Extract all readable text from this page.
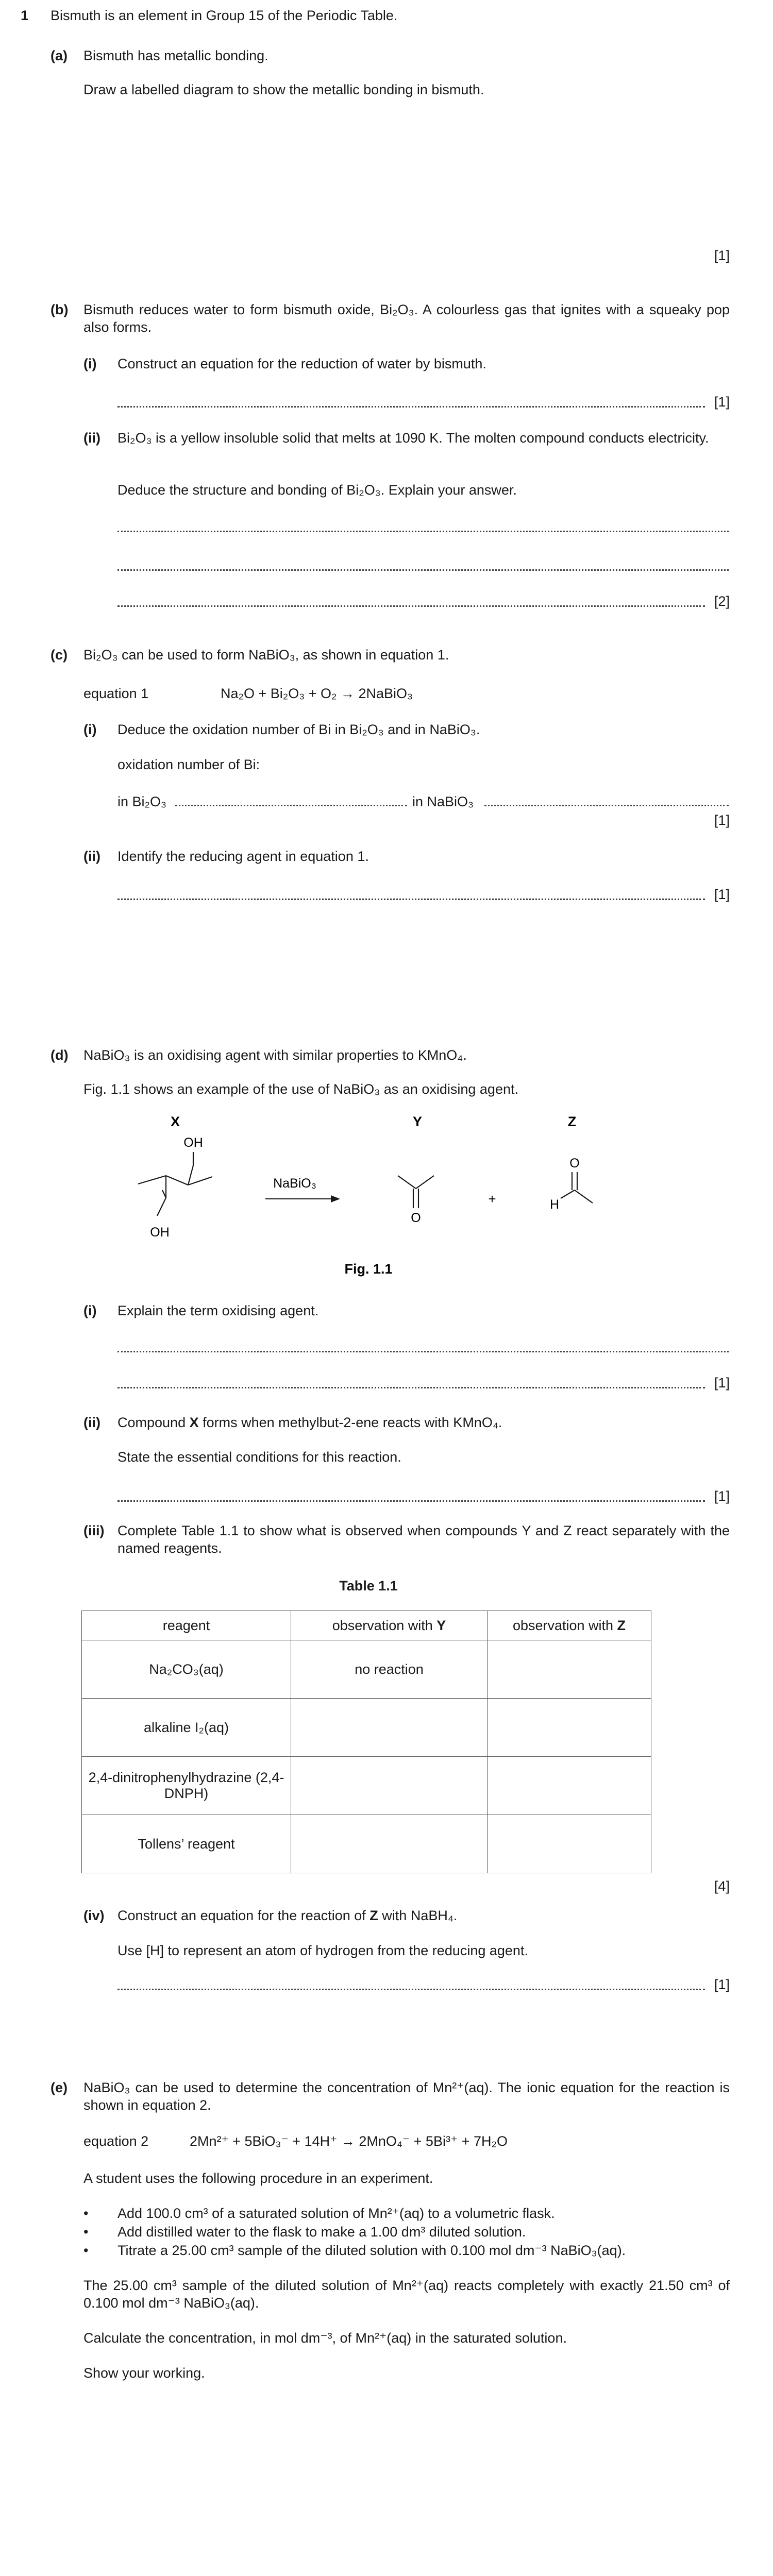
1 Bismuth is an element in Group 15 of the Periodic Table.
(a) Bismuth has metallic bonding.
Draw a labelled diagram to show the metallic bonding in bismuth.
[1]
(b) Bismuth reduces water to form bismuth oxide, Bi₂O₃. A colourless gas that ignites with a squeaky pop also forms.
(i) Construct an equation for the reduction of water by bismuth.
[1]
(ii) Bi₂O₃ is a yellow insoluble solid that melts at 1090 K. The molten compound conducts electricity.
Deduce the structure and bonding of Bi₂O₃. Explain your answer.
[2]
(c) Bi₂O₃ can be used to form NaBiO₃, as shown in equation 1.
equation 1	Na₂O + Bi₂O₃ + O₂ → 2NaBiO₃
(i) Deduce the oxidation number of Bi in Bi₂O₃ and in NaBiO₃.
oxidation number of Bi:
in Bi₂O₃	in NaBiO₃
[1]
(ii) Identify the reducing agent in equation 1.
[1]
(d) NaBiO₃ is an oxidising agent with similar properties to KMnO₄.
Fig. 1.1 shows an example of the use of NaBiO₃ as an oxidising agent.
X	Y	Z
OH
OH
NaBiO₃
O
+
O
H
Fig. 1.1
(i) Explain the term oxidising agent.
[1]
(ii) Compound X forms when methylbut-2-ene reacts with KMnO₄.
State the essential conditions for this reaction.
[1]
(iii) Complete Table 1.1 to show what is observed when compounds Y and Z react separately with the named reagents.
Table 1.1
reagent	observation with Y	observation with Z
Na₂CO₃(aq)	no reaction	
alkaline I₂(aq)		
2,4-dinitrophenylhydrazine (2,4-DNPH)		
Tollens’ reagent		
[4]
(iv) Construct an equation for the reaction of Z with NaBH₄.
Use [H] to represent an atom of hydrogen from the reducing agent.
[1]
(e) NaBiO₃ can be used to determine the concentration of Mn²⁺(aq). The ionic equation for the reaction is shown in equation 2.
equation 2	2Mn²⁺ + 5BiO₃⁻ + 14H⁺ → 2MnO₄⁻ + 5Bi³⁺ + 7H₂O
A student uses the following procedure in an experiment.
• Add 100.0 cm³ of a saturated solution of Mn²⁺(aq) to a volumetric flask.
• Add distilled water to the flask to make a 1.00 dm³ diluted solution.
• Titrate a 25.00 cm³ sample of the diluted solution with 0.100 mol dm⁻³ NaBiO₃(aq).
The 25.00 cm³ sample of the diluted solution of Mn²⁺(aq) reacts completely with exactly 21.50 cm³ of 0.100 mol dm⁻³ NaBiO₃(aq).
Calculate the concentration, in mol dm⁻³, of Mn²⁺(aq) in the saturated solution.
Show your working.
